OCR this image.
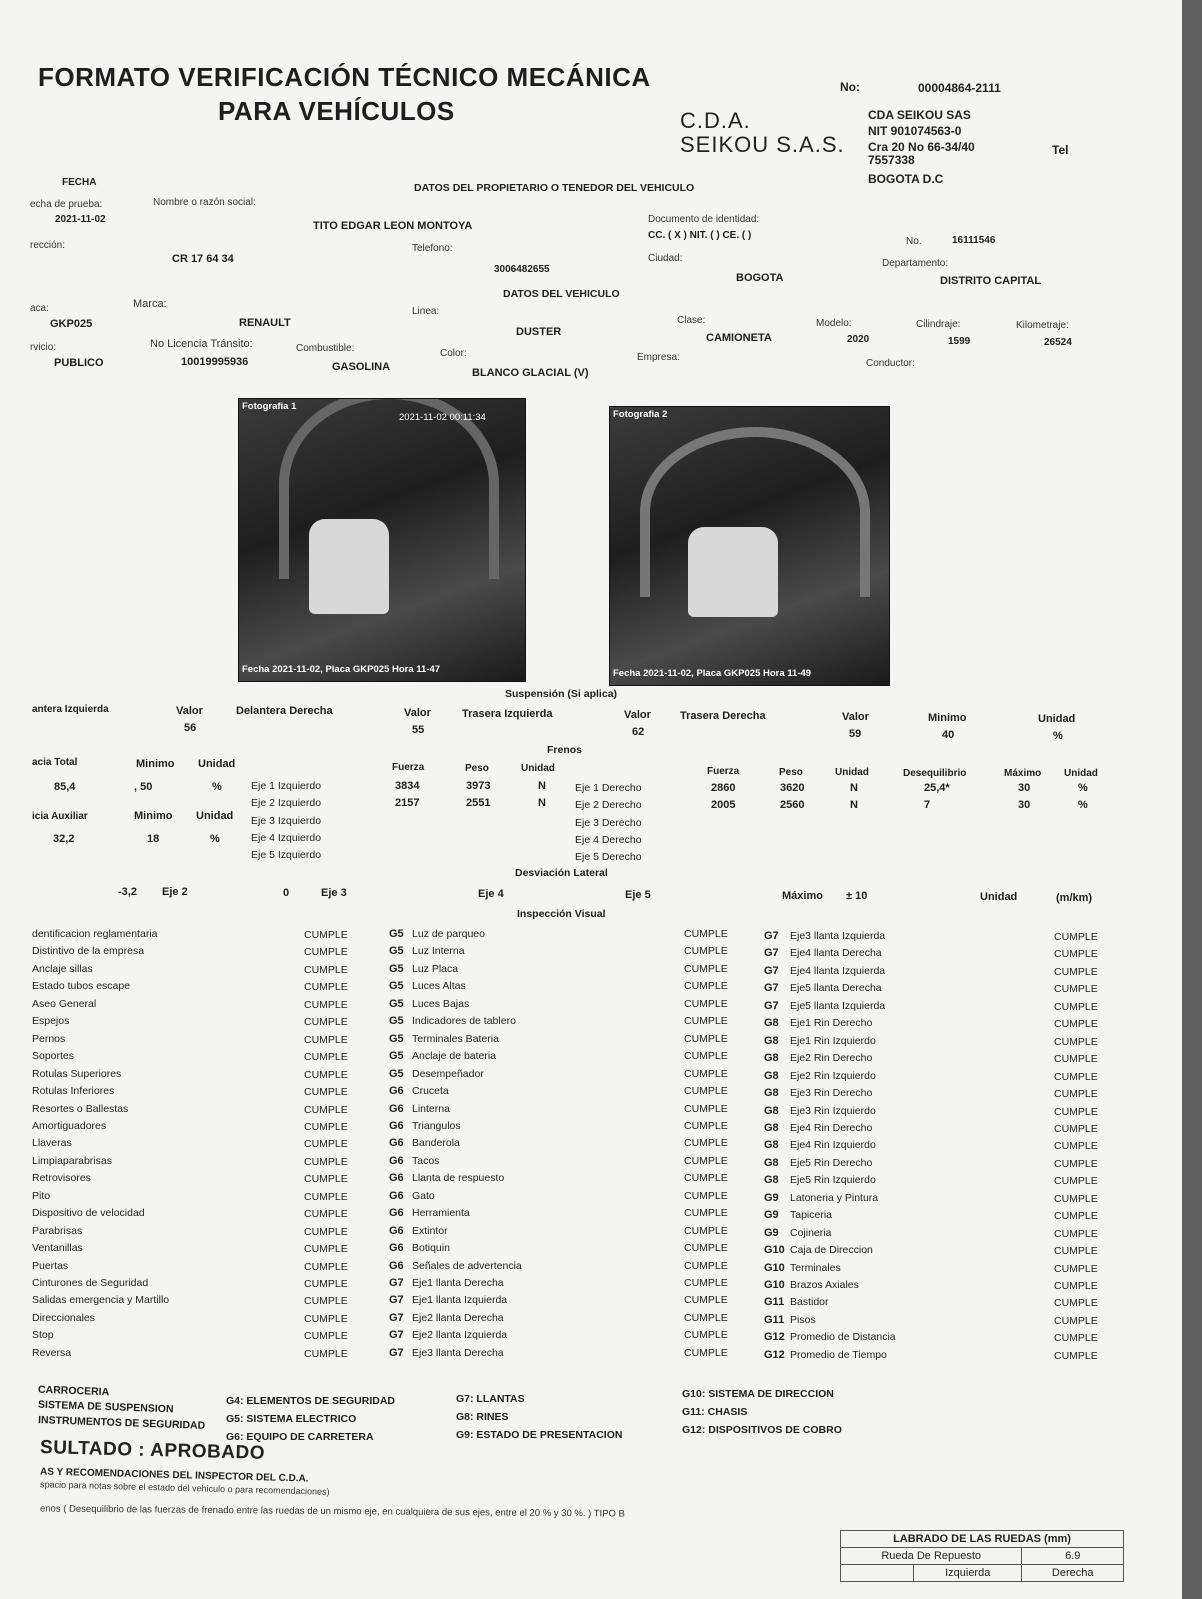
FORMATO VERIFICACIÓN TÉCNICO MECÁNICA
PARA VEHÍCULOS
No:	00004864-2111
C.D.A.
SEIKOU S.A.S.
CDA SEIKOU SAS
NIT 901074563-0
Cra 20 No 66-34/40
7557338
Tel
BOGOTA D.C
FECHA	DATOS DEL PROPIETARIO O TENEDOR DEL VEHICULO
echa de prueba:
2021-11-02
Nombre o razón social:
TITO EDGAR LEON MONTOYA
Documento de identidad:
CC. ( X ) NIT. ( ) CE. ( )
No.	16111546
rección:
CR 17 64 34
Telefono:
3006482655
Ciudad:
BOGOTA
Departamento:
DISTRITO CAPITAL
DATOS DEL VEHICULO
aca:
GKP025
Marca:
RENAULT
Linea:
DUSTER
Clase:
CAMIONETA
Modelo:
2020
Cilindraje:
1599
Kilometraje:
26524
rvicio:
PUBLICO
No Licencia Tránsito:
10019995936
Combustible:
GASOLINA
Color:
BLANCO GLACIAL (V)
Empresa:
Conductor:
Fotografia 1
2021-11-02 00:11:34
Fecha 2021-11-02, Placa GKP025 Hora 11-47
Fotografia 2
Fecha 2021-11-02, Placa GKP025 Hora 11-49
Suspensión (Si aplica)
antera Izquierda	Valor
56
Delantera Derecha	Valor
55
Trasera Izquierda	Valor
62
Trasera Derecha	Valor
59
Minimo
40
Unidad
%
Frenos
acia Total	Minimo Unidad
85,4	, 50	%
icia Auxiliar	Minimo Unidad
32,2	18	%
Fuerza	Peso	Unidad	Fuerza	Peso	Unidad	Desequilibrio	Máximo Unidad
Eje 1 Izquierdo	3834	3973	N	Eje 1 Derecho	2860	3620	N	25,4*	30	%
Eje 2 Izquierdo	2157	2551	N	Eje 2 Derecho	2005	2560	N	7	30	%
Eje 3 Izquierdo	Eje 3 Derecho
Eje 4 Izquierdo	Eje 4 Derecho
Eje 5 Izquierdo	Eje 5 Derecho
Desviación Lateral
-3,2 Eje 2	0	Eje 3	Eje 4	Eje 5	Máximo ± 10	Unidad	(m/km)
Inspección Visual
dentificacion reglamentaria	CUMPLE
Distintivo de la empresa	CUMPLE
Anclaje sillas	CUMPLE
Estado tubos escape	CUMPLE
Aseo General	CUMPLE
Espejos	CUMPLE
Pernos	CUMPLE
Soportes	CUMPLE
Rotulas Superiores	CUMPLE
Rotulas Inferiores	CUMPLE
Resortes o Ballestas	CUMPLE
Amortiguadores	CUMPLE
Llaveras	CUMPLE
Limpiaparabrisas	CUMPLE
Retrovisores	CUMPLE
Pito	CUMPLE
Dispositivo de velocidad	CUMPLE
Parabrisas	CUMPLE
Ventanillas	CUMPLE
Puertas	CUMPLE
Cinturones de Seguridad	CUMPLE
Salidas emergencia y Martillo	CUMPLE
Direccionales	CUMPLE
Stop	CUMPLE
Reversa	CUMPLE
G5 Luz de parqueo	CUMPLE
G5 Luz Interna	CUMPLE
G5 Luz Placa	CUMPLE
G5 Luces Altas	CUMPLE
G5 Luces Bajas	CUMPLE
G5 Indicadores de tablero	CUMPLE
G5 Terminales Bateria	CUMPLE
G5 Anclaje de bateria	CUMPLE
G5 Desempeñador	CUMPLE
G6 Cruceta	CUMPLE
G6 Linterna	CUMPLE
G6 Triangulos	CUMPLE
G6 Banderola	CUMPLE
G6 Tacos	CUMPLE
G6 Llanta de respuesto	CUMPLE
G6 Gato	CUMPLE
G6 Herramienta	CUMPLE
G6 Extintor	CUMPLE
G6 Botiquin	CUMPLE
G6 Señales de advertencia	CUMPLE
G7 Eje1 llanta Derecha	CUMPLE
G7 Eje1 llanta Izquierda	CUMPLE
G7 Eje2 llanta Derecha	CUMPLE
G7 Eje2 llanta Izquierda	CUMPLE
G7 Eje3 llanta Derecha	CUMPLE
G7 Eje3 llanta Izquierda	CUMPLE
G7 Eje4 llanta Derecha	CUMPLE
G7 Eje4 llanta Izquierda	CUMPLE
G7 Eje5 llanta Derecha	CUMPLE
G7 Eje5 llanta Izquierda	CUMPLE
G8 Eje1 Rin Derecho	CUMPLE
G8 Eje1 Rin Izquierdo	CUMPLE
G8 Eje2 Rin Derecho	CUMPLE
G8 Eje2 Rin Izquierdo	CUMPLE
G8 Eje3 Rin Derecho	CUMPLE
G8 Eje3 Rin Izquierdo	CUMPLE
G8 Eje4 Rin Derecho	CUMPLE
G8 Eje4 Rin Izquierdo	CUMPLE
G8 Eje5 Rin Derecho	CUMPLE
G8 Eje5 Rin Izquierdo	CUMPLE
G9 Latoneria y Pintura	CUMPLE
G9 Tapiceria	CUMPLE
G9 Cojineria	CUMPLE
G10 Caja de Direccion	CUMPLE
G10 Terminales	CUMPLE
G10 Brazos Axiales	CUMPLE
G11 Bastidor	CUMPLE
G11 Pisos	CUMPLE
G12 Promedio de Distancia	CUMPLE
G12 Promedio de Tiempo	CUMPLE
CARROCERIA
SISTEMA DE SUSPENSION
INSTRUMENTOS DE SEGURIDAD
G4: ELEMENTOS DE SEGURIDAD
G5: SISTEMA ELECTRICO
G6: EQUIPO DE CARRETERA
G7: LLANTAS
G8: RINES
G9: ESTADO DE PRESENTACION
G10: SISTEMA DE DIRECCION
G11: CHASIS
G12: DISPOSITIVOS DE COBRO
SULTADO : APROBADO
AS Y RECOMENDACIONES DEL INSPECTOR DEL C.D.A.
spacio para notas sobre el estado del vehiculo o para recomendaciones)
enos ( Desequilibrio de las fuerzas de frenado entre las ruedas de un mismo eje, en cualquiera de sus ejes, entre el 20 % y 30 %. ) TIPO B
LABRADO DE LAS RUEDAS (mm)		
Rueda De Repuesto		6.9
	Izquierda	Derecha
